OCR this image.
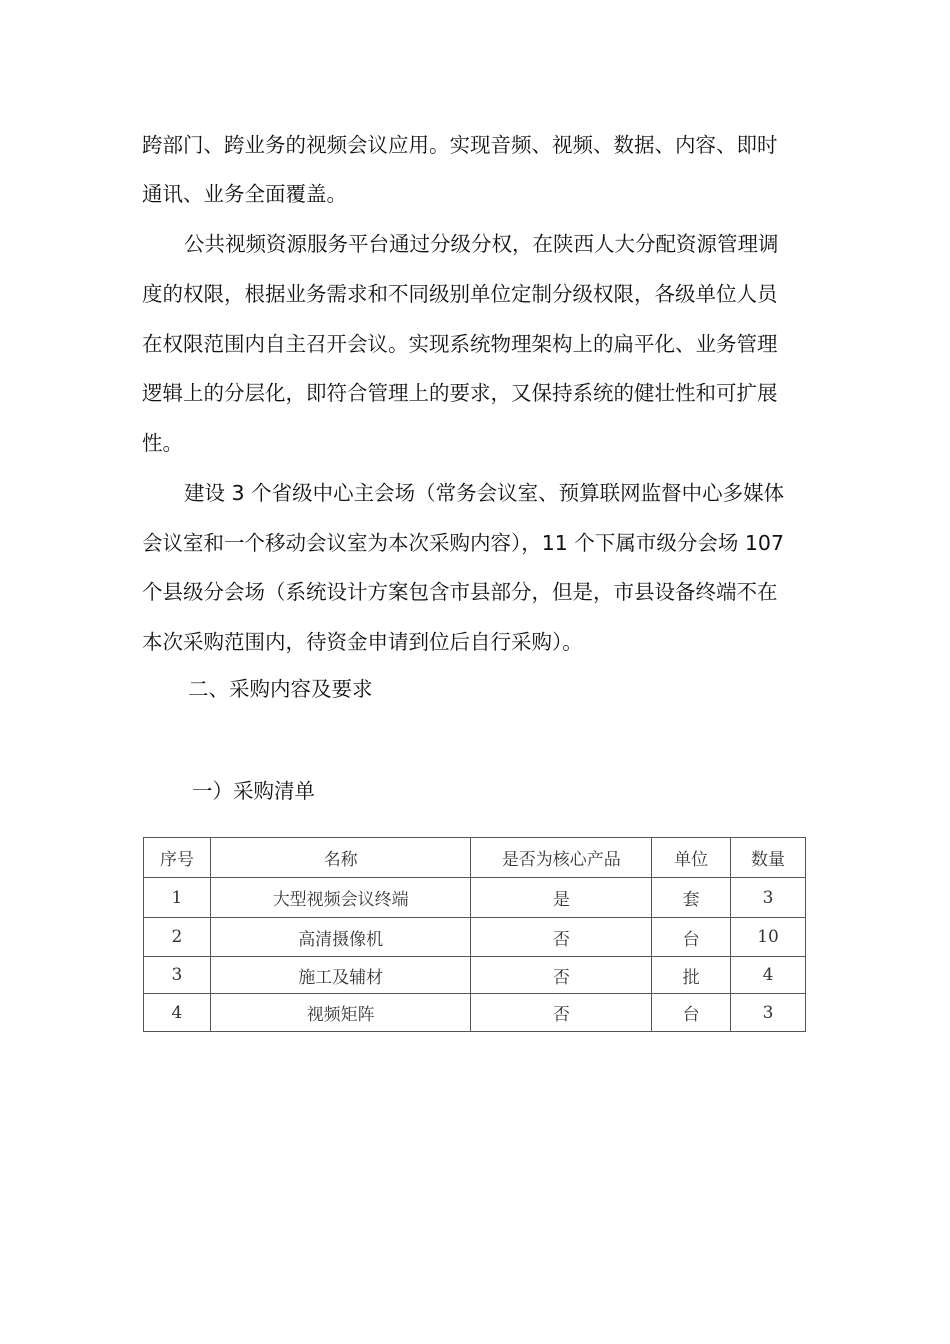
跨部门、跨业务的视频会议应用。实现音频、视频、数据、内容、即时
通讯、业务全面覆盖。
公共视频资源服务平台通过分级分权，在陕西人大分配资源管理调
度的权限，根据业务需求和不同级别单位定制分级权限，各级单位人员
在权限范围内自主召开会议。实现系统物理架构上的扁平化、业务管理
逻辑上的分层化，即符合管理上的要求，又保持系统的健壮性和可扩展
性。
建设 3 个省级中心主会场（常务会议室、预算联网监督中心多媒体
会议室和一个移动会议室为本次采购内容），11 个下属市级分会场 107
个县级分会场（系统设计方案包含市县部分，但是，市县设备终端不在
本次采购范围内，待资金申请到位后自行采购）。
二、采购内容及要求
一）采购清单
序号	名称	是否为核心产品	单位	数量
1	大型视频会议终端	是	套	3
2	高清摄像机	否	台	10
3	施工及辅材	否	批	4
4	视频矩阵	否	台	3
